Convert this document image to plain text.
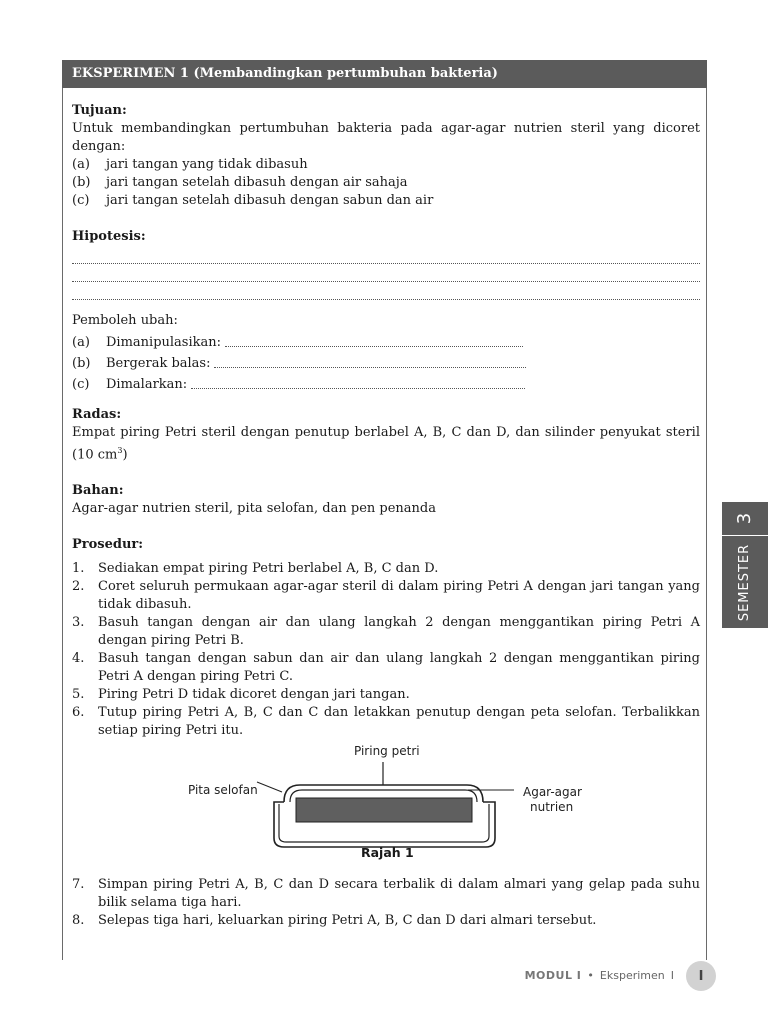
EKSPERIMEN 1 (Membandingkan pertumbuhan bakteria)
Tujuan:
Untuk membandingkan pertumbuhan bakteria pada agar-agar nutrien steril yang dicoret dengan:
(a)	jari tangan yang tidak dibasuh
(b)	jari tangan setelah dibasuh dengan air sahaja
(c)	jari tangan setelah dibasuh dengan sabun dan air
Hipotesis:
Pemboleh ubah:
(a)	Dimanipulasikan:
(b)	Bergerak balas:
(c)	Dimalarkan:
Radas:
Empat piring Petri steril dengan penutup berlabel A, B, C dan D, dan silinder penyukat steril (10 $cm^3$)
Bahan:
Agar-agar nutrien steril, pita selofan, dan pen penanda
Prosedur:
1.	Sediakan empat piring Petri berlabel A, B, C dan D.
2.	Coret seluruh permukaan agar-agar steril di dalam piring Petri A dengan jari tangan yang tidak dibasuh.
3.	Basuh tangan dengan air dan ulang langkah 2 dengan menggantikan piring Petri A dengan piring Petri B.
4.	Basuh tangan dengan sabun dan air dan ulang langkah 2 dengan menggantikan piring Petri A dengan piring Petri C.
5.	Piring Petri D tidak dicoret dengan jari tangan.
6.	Tutup piring Petri A, B, C dan C dan letakkan penutup dengan peta selofan. Terbalikkan setiap piring Petri itu.
Piring petri
Pita selofan	Agar-agar
nutrien
Rajah 1
7.	Simpan piring Petri A, B, C dan D secara terbalik di dalam almari yang gelap pada suhu bilik selama tiga hari.
8.	Selepas tiga hari, keluarkan piring Petri A, B, C dan D dari almari tersebut.
3
SEMESTER
MODUL I • Eksperimen I	I
